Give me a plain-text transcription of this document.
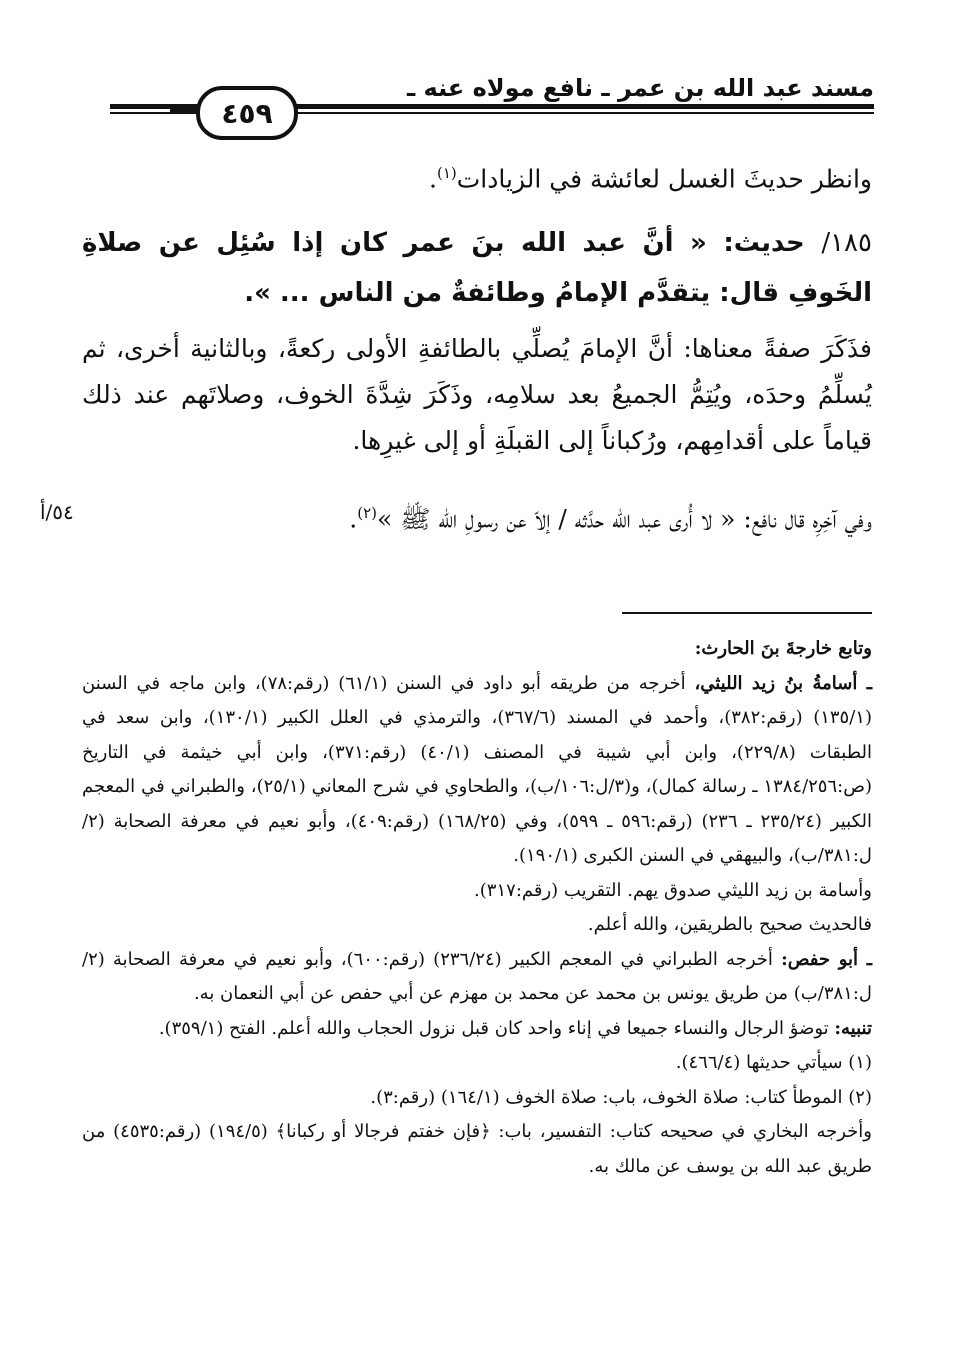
مسند عبد الله بن عمر ـ نافع مولاه عنه ـ
٤٥٩
وانظر حديثَ الغسل لعائشة في الزيادات$^{(١)}$.
١٨٥/ حديث: « أنَّ عبد الله بنَ عمر كان إذا سُئِل عن صلاةِ الخَوفِ قال: يتقدَّم الإمامُ وطائفةٌ من الناس ... ».
فذَكَرَ صفةً معناها: أنَّ الإمامَ يُصلِّي بالطائفةِ الأولى ركعةً، وبالثانية أخرى، ثم يُسلِّمُ وحدَه، ويُتِمُّ الجميعُ بعد سلامِه، وذَكَرَ شِدَّةَ الخوف، وصلاتَهم عند ذلك قياماً على أقدامِهم، ورُكباناً إلى القبلَةِ أو إلى غيرِها.
وفي آخِرِه قال نافع: « لا أُرى عبد الله حدَّثه / إلاّ عن رسولِ الله ﷺ »$^{(٢)}$.
٥٤/أ

وتابع خارجةَ بنَ الحارث:

ـ أسامةُ بنُ زيد الليثي، أخرجه من طريقه أبو داود في السنن (٦١/١) (رقم:٧٨)، وابن ماجه في السنن (١٣٥/١) (رقم:٣٨٢)، وأحمد في المسند (٣٦٧/٦)، والترمذي في العلل الكبير (١٣٠/١)، وابن سعد في الطبقات (٢٢٩/٨)، وابن أبي شيبة في المصنف (٤٠/١) (رقم:٣٧١)، وابن أبي خيثمة في التاريخ (ص:١٣٨٤/٢٥٦ ـ رسالة كمال)، و(٣/ل:١٠٦/ب)، والطحاوي في شرح المعاني (٢٥/١)، والطبراني في المعجم الكبير (٢٣٥/٢٤ ـ ٢٣٦) (رقم:٥٩٦ ـ ٥٩٩)، وفي (١٦٨/٢٥) (رقم:٤٠٩)، وأبو نعيم في معرفة الصحابة (٢/ل:٣٨١/ب)، والبيهقي في السنن الكبرى (١٩٠/١).

وأسامة بن زيد الليثي صدوق يهم. التقريب (رقم:٣١٧).

فالحديث صحيح بالطريقين، والله أعلم.

ـ أبو حفص: أخرجه الطبراني في المعجم الكبير (٢٣٦/٢٤) (رقم:٦٠٠)، وأبو نعيم في معرفة الصحابة (٢/ل:٣٨١/ب) من طريق يونس بن محمد عن محمد بن مهزم عن أبي حفص عن أبي النعمان به.

تنبيه: توضؤ الرجال والنساء جميعا في إناء واحد كان قبل نزول الحجاب والله أعلم. الفتح (٣٥٩/١).

(١) سيأتي حديثها (٤٦٦/٤).

(٢) الموطأ كتاب: صلاة الخوف، باب: صلاة الخوف (١٦٤/١) (رقم:٣).

وأخرجه البخاري في صحيحه كتاب: التفسير، باب: ﴿فإن خفتم فرجالا أو ركبانا﴾ (١٩٤/٥) (رقم:٤٥٣٥) من طريق عبد الله بن يوسف عن مالك به.
